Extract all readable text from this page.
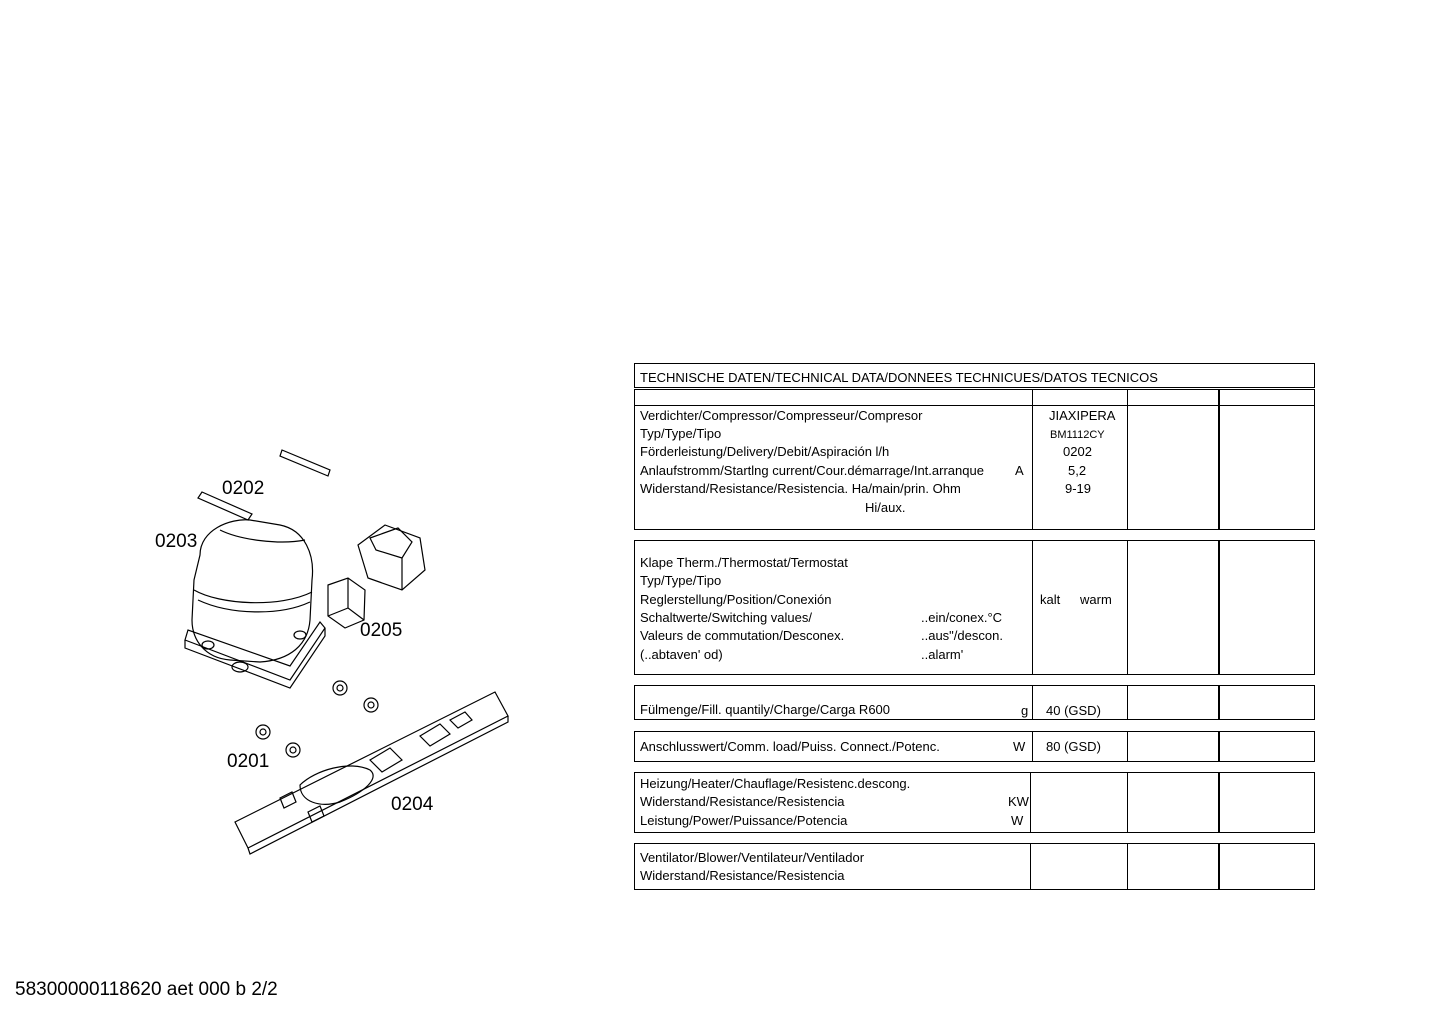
0202
0203
0205
0201
0204
TECHNISCHE DATEN/TECHNICAL DATA/DONNEES TECHNICUES/DATOS TECNICOS
Verdichter/Compressor/Compresseur/Compresor
Typ/Type/Tipo
Förderleistung/Delivery/Debit/Aspiración l/h
Anlaufstromm/Startlng current/Cour.démarrage/Int.arranque A
Widerstand/Resistance/Resistencia. Ha/main/prin. Ohm
Hi/aux.
JIAXIPERA
BM1112CY
0202
5,2
9-19
Klape Therm./Thermostat/Termostat
Typ/Type/Tipo
Reglerstellung/Position/Conexión
Schaltwerte/Switching values/
Valeurs de commutation/Desconex.
(..abtaven' od)
..ein/conex.°C
..aus"/descon.
..alarm'
kalt warm
Fülmenge/Fill. quantily/Charge/Carga R600	g 40 (GSD)
Anschlusswert/Comm. load/Puiss. Connect./Potenc.	W 80 (GSD)
Heizung/Heater/Chauflage/Resistenc.descong.
Widerstand/Resistance/Resistencia
Leistung/Power/Puissance/Potencia
KW
W
Ventilator/Blower/Ventilateur/Ventilador
Widerstand/Resistance/Resistencia
58300000118620 aet 000 b 2/2
